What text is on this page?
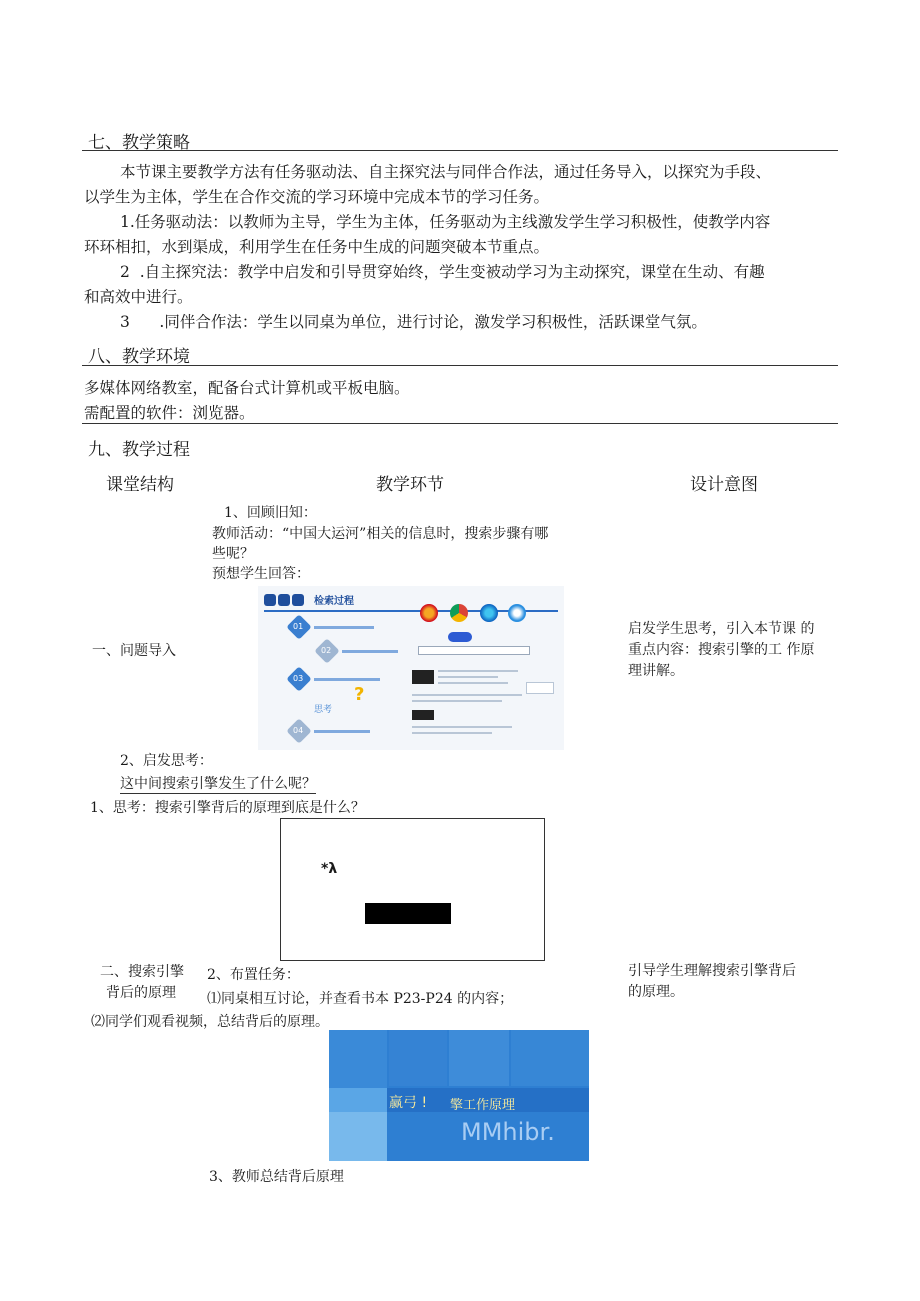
七、教学策略
本节课主要教学方法有任务驱动法、自主探究法与同伴合作法，通过任务导入，以探究为手段、
以学生为主体，学生在合作交流的学习环境中完成本节的学习任务。
1.任务驱动法：以教师为主导，学生为主体，任务驱动为主线激发学生学习积极性，使教学内容
环环相扣，水到渠成，利用学生在任务中生成的问题突破本节重点。
2  .自主探究法：教学中启发和引导贯穿始终，学生变被动学习为主动探究，课堂在生动、有趣
和高效中进行。
3      .同伴合作法：学生以同桌为单位，进行讨论，激发学习积极性，活跃课堂气氛。
八、教学环境
多媒体网络教室，配备台式计算机或平板电脑。
需配置的软件：浏览器。
九、教学过程
课堂结构	教学环节	设计意图
1、回顾旧知：
教师活动：“中国大运河”相关的信息时，搜索步骤有哪
些呢？
预想学生回答：
检索过程
01
02
03
?
思考
04
一、问题导入
启发学生思考，引入本节课 的
重点内容：搜索引擎的工 作原
理讲解。
2、启发思考：
这中间搜索引擎发生了什么呢？
1、思考：搜索引擎背后的原理到底是什么？
*λ
二、搜索引擎
背后的原理
2、布置任务：
⑴同桌相互讨论，并查看书本 P23-P24 的内容；
⑵同学们观看视频，总结背后的原理。
引导学生理解搜索引擎背后
的原理。
赢弓 ! 擎工作原理
MMhibr.
3、教师总结背后原理
